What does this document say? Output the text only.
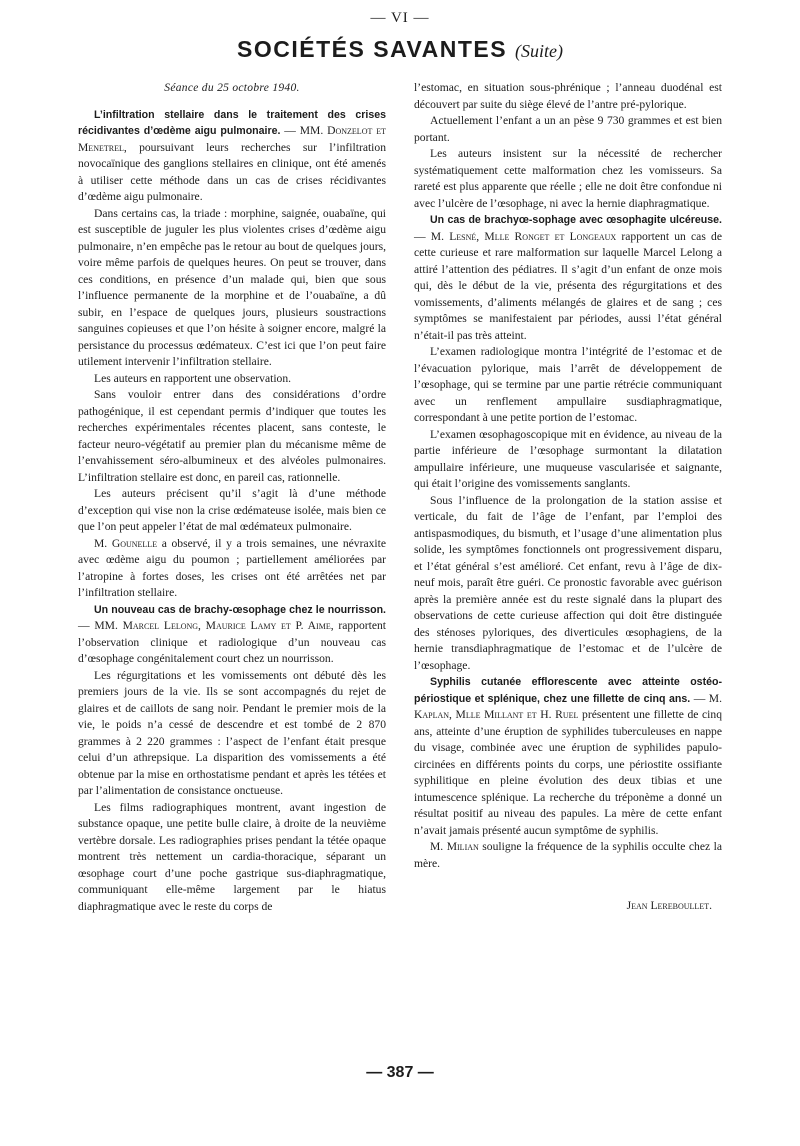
— VI —
SOCIÉTÉS SAVANTES (Suite)
Séance du 25 octobre 1940.

L’infiltration stellaire dans le traitement des crises récidivantes d’œdème aigu pulmonaire. — MM. Donzelot et Menetrel, poursuivant leurs recherches sur l’infiltration novocaïnique des ganglions stellaires en clinique, ont été amenés à utiliser cette méthode dans un cas de crises récidivantes d’œdème aigu pulmonaire.

Dans certains cas, la triade : morphine, saignée, ouabaïne, qui est susceptible de juguler les plus violentes crises d’œdème aigu pulmonaire, n’en empêche pas le retour au bout de quelques jours, voire même parfois de quelques heures. On peut se trouver, dans ces conditions, en présence d’un malade qui, bien que sous l’influence permanente de la morphine et de l’ouabaïne, a dû subir, en l’espace de quelques jours, plusieurs soustractions sanguines copieuses et que l’on hésite à soigner encore, malgré la persistance du processus œdémateux. C’est ici que l’on peut faire utilement intervenir l’infiltration stellaire.

Les auteurs en rapportent une observation.

Sans vouloir entrer dans des considérations d’ordre pathogénique, il est cependant permis d’indiquer que toutes les recherches expérimentales récentes placent, sans conteste, le facteur neuro-végétatif au premier plan du mécanisme même de l’envahissement séro-albumineux et des alvéoles pulmonaires. L’infiltration stellaire est donc, en pareil cas, rationnelle.

Les auteurs précisent qu’il s’agit là d’une méthode d’exception qui vise non la crise œdémateuse isolée, mais bien ce que l’on peut appeler l’état de mal œdémateux pulmonaire.

M. Gounelle a observé, il y a trois semaines, une névraxite avec œdème aigu du poumon ; partiellement améliorées par l’atropine à fortes doses, les crises ont été arrêtées net par l’infiltration stellaire.

Un nouveau cas de brachy-œsophage chez le nourrisson. — MM. Marcel Lelong, Maurice Lamy et P. Aime, rapportent l’observation clinique et radiologique d’un nouveau cas d’œsophage congénitalement court chez un nourrisson.

Les régurgitations et les vomissements ont débuté dès les premiers jours de la vie. Ils se sont accompagnés du rejet de glaires et de caillots de sang noir. Pendant le premier mois de la vie, le poids n’a cessé de descendre et est tombé de 2 870 grammes à 2 220 grammes : l’aspect de l’enfant était presque celui d’un athrepsique. La disparition des vomissements a été obtenue par la mise en orthostatisme pendant et après les tétées et par l’alimentation de consistance onctueuse.

Les films radiographiques montrent, avant ingestion de substance opaque, une petite bulle claire, à droite de la neuvième vertèbre dorsale. Les radiographies prises pendant la tétée opaque montrent très nettement un cardia-thoracique, séparant un œsophage court d’une poche gastrique sus-diaphragmatique, communiquant elle-même largement par le hiatus diaphragmatique avec le reste du corps de

l’estomac, en situation sous-phrénique ; l’anneau duodénal est découvert par suite du siège élevé de l’antre pré-pylorique.

Actuellement l’enfant a un an pèse 9 730 grammes et est bien portant.

Les auteurs insistent sur la nécessité de rechercher systématiquement cette malformation chez les vomisseurs. Sa rareté est plus apparente que réelle ; elle ne doit être confondue ni avec l’ulcère de l’œsophage, ni avec la hernie diaphragmatique.

Un cas de brachyœ-sophage avec œsophagite ulcéreuse. — M. Lesné, Mlle Ronget et Longeaux rapportent un cas de cette curieuse et rare malformation sur laquelle Marcel Lelong a attiré l’attention des pédiatres. Il s’agit d’un enfant de onze mois qui, dès le début de la vie, présenta des régurgitations et des vomissements, d’aliments mélangés de glaires et de sang ; ces symptômes se manifestaient par périodes, aussi l’état général n’était-il pas très atteint.

L’examen radiologique montra l’intégrité de l’estomac et de l’évacuation pylorique, mais l’arrêt de développement de l’œsophage, qui se termine par une partie rétrécie communiquant avec un renflement ampullaire susdiaphragmatique, correspondant à une petite portion de l’estomac.

L’examen œsophagoscopique mit en évidence, au niveau de la partie inférieure de l’œsophage surmontant la dilatation ampullaire inférieure, une muqueuse vascularisée et saignante, qui était l’origine des vomissements sanglants.

Sous l’influence de la prolongation de la station assise et verticale, du fait de l’âge de l’enfant, par l’emploi des antispasmodiques, du bismuth, et l’usage d’une alimentation plus solide, les symptômes fonctionnels ont progressivement disparu, et l’état général s’est amélioré. Cet enfant, revu à l’âge de dix-neuf mois, paraît être guéri. Ce pronostic favorable avec guérison après la première année est du reste signalé dans la plupart des observations de cette curieuse affection qui doit être distinguée des sténoses pyloriques, des diverticules œsophagiens, de la hernie transdiaphragmatique de l’estomac et de l’ulcère de l’œsophage.

Syphilis cutanée efflorescente avec atteinte ostéo-périostique et splénique, chez une fillette de cinq ans. — M. Kaplan, Mlle Millant et H. Ruel présentent une fillette de cinq ans, atteinte d’une éruption de syphilides tuberculeuses en nappe du visage, combinée avec une éruption de syphilides papulo-circinées en différents points du corps, une périostite ossifiante syphilitique en pleine évolution des deux tibias et une intumescence splénique. La recherche du tréponème a donné un résultat positif au niveau des papules. La mère de cette enfant n’avait jamais présenté aucun symptôme de syphilis.

M. Milian souligne la fréquence de la syphilis occulte chez la mère.

Jean Lereboullet.
— 387 —
